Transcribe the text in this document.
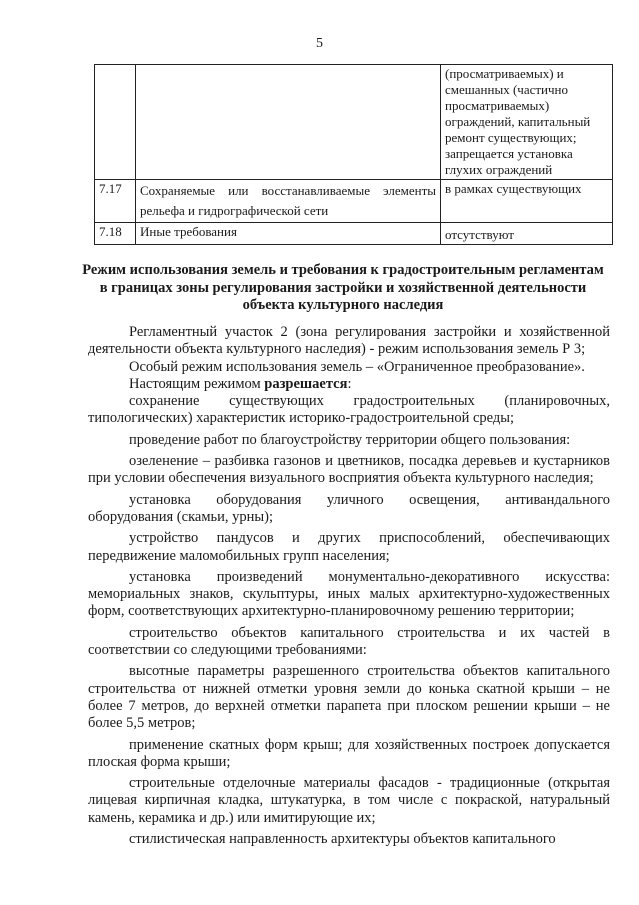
5
		(просматриваемых) и смешанных (частично просматриваемых) ограждений, капитальный ремонт существующих; запрещается установка глухих ограждений
7.17	Сохраняемые или восстанавливаемые элементы рельефа и гидрографической сети	в рамках существующих
7.18	Иные требования	отсутствуют
Режим использования земель и требования к градостроительным регламентам в границах зоны регулирования застройки и хозяйственной деятельности объекта культурного наследия

Регламентный участок 2 (зона регулирования застройки и хозяйственной деятельности объекта культурного наследия) - режим использования земель Р 3;

Особый режим использования земель – «Ограниченное преобразование».

Настоящим режимом разрешается:

сохранение существующих градостроительных (планировочных, типологических) характеристик историко-градостроительной среды;

проведение работ по благоустройству территории общего пользования:

озеленение – разбивка газонов и цветников, посадка деревьев и кустарников при условии обеспечения визуального восприятия объекта культурного наследия;

установка оборудования уличного освещения, антивандального оборудования (скамьи, урны);

устройство пандусов и других приспособлений, обеспечивающих передвижение маломобильных групп населения;

установка произведений монументально-декоративного искусства: мемориальных знаков, скульптуры, иных малых архитектурно-художественных форм, соответствующих архитектурно-планировочному решению территории;

строительство объектов капитального строительства и их частей в соответствии со следующими требованиями:

высотные параметры разрешенного строительства объектов капитального строительства от нижней отметки уровня земли до конька скатной крыши – не более 7 метров, до верхней отметки парапета при плоском решении крыши – не более 5,5 метров;

применение скатных форм крыш; для хозяйственных построек допускается плоская форма крыши;

строительные отделочные материалы фасадов - традиционные (открытая лицевая кирпичная кладка, штукатурка, в том числе с покраской, натуральный камень, керамика и др.) или имитирующие их;

стилистическая направленность архитектуры объектов капитального
